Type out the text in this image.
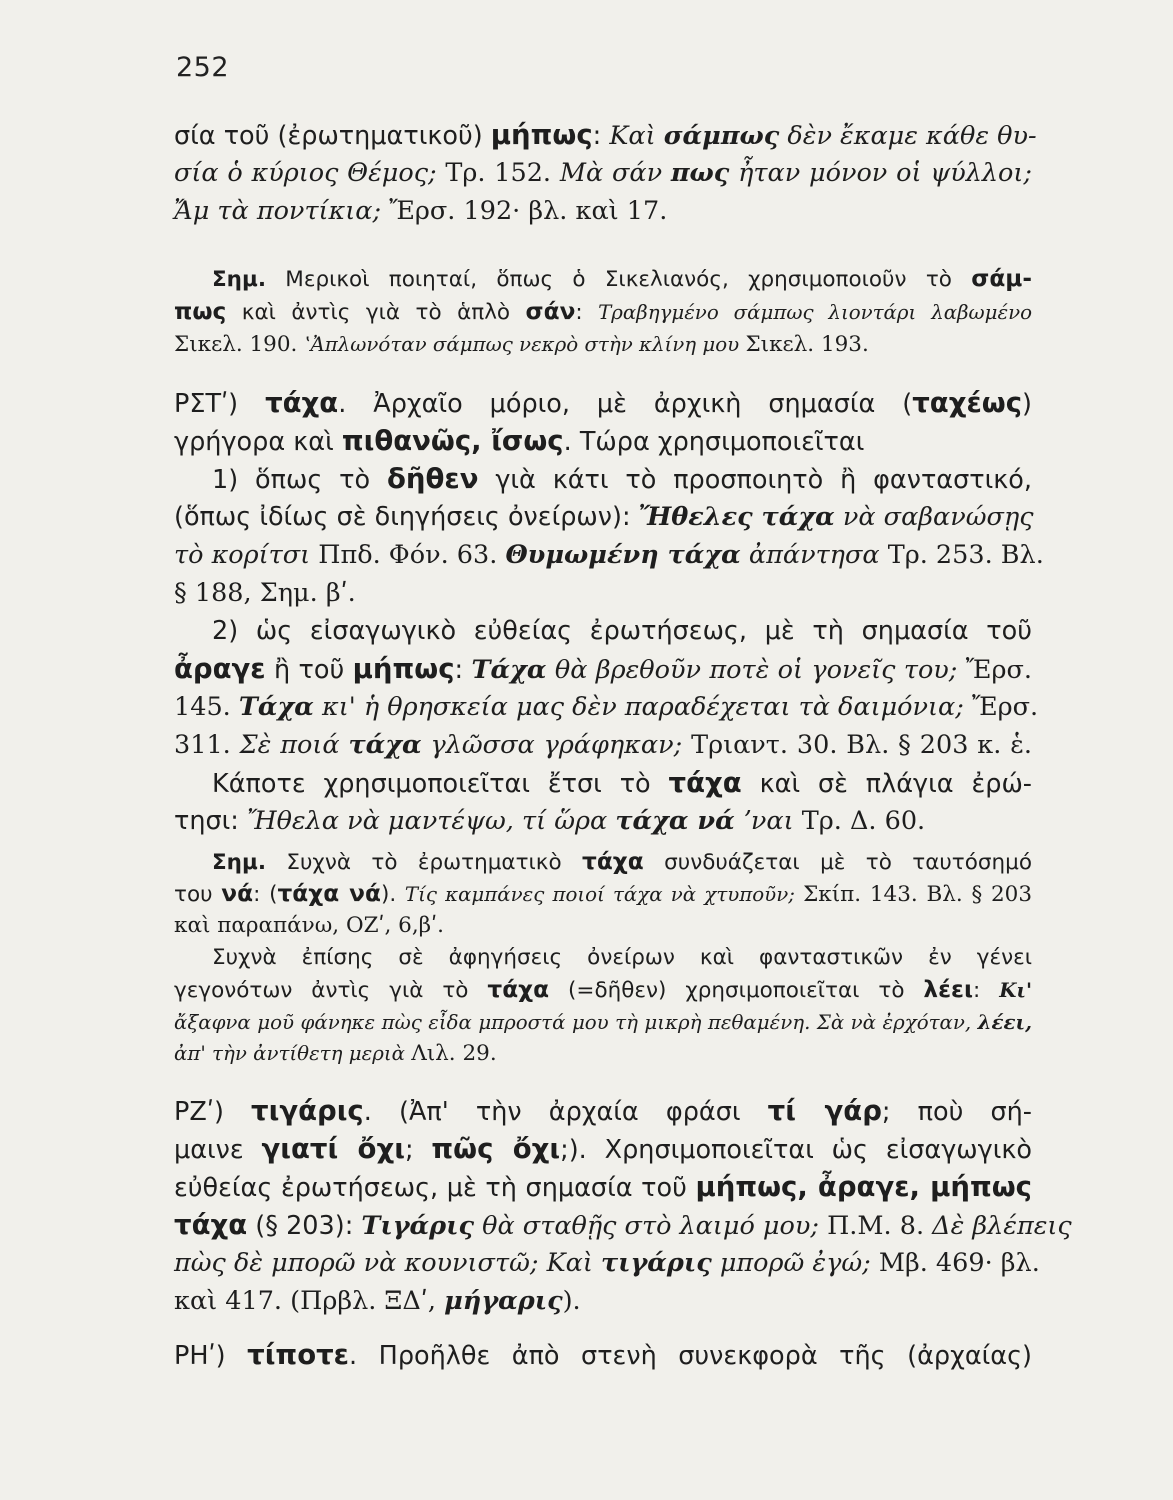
252
σία τοῦ (ἐρωτηματικοῦ) μήπως: Καὶ σάμπως δὲν ἔκαμε κάθε θυ-
σία ὁ κύριος Θέμος; Τρ. 152. Μὰ σάν πως ἦταν μόνον οἱ ψύλλοι;
Ἄμ τὰ ποντίκια; Ἔρσ. 192· βλ. καὶ 17.
Σημ. Μερικοὶ ποιηταί, ὅπως ὁ Σικελιανός, χρησιμοποιοῦν τὸ σάμ-
πως καὶ ἀντὶς γιὰ τὸ ἁπλὸ σάν: Τραβηγμένο σάμπως λιοντάρι λαβωμένο
Σικελ. 190. ʽἈπλωνόταν σάμπως νεκρὸ στὴν κλίνη μου Σικελ. 193.
ΡΣΤʹ) τάχα. Ἀρχαῖο μόριο, μὲ ἀρχικὴ σημασία (ταχέως)
γρήγορα καὶ πιθανῶς, ἴσως. Τώρα χρησιμοποιεῖται
1) ὅπως τὸ δῆθεν γιὰ κάτι τὸ προσποιητὸ ἢ φανταστικό,
(ὅπως ἰδίως σὲ διηγήσεις ὀνείρων): Ἤθελες τάχα νὰ σαβανώσῃς
τὸ κορίτσι Ππδ. Φόν. 63. Θυμωμένη τάχα ἀπάντησα Τρ. 253. Βλ.
§ 188, Σημ. βʹ.
2) ὡς εἰσαγωγικὸ εὐθείας ἐρωτήσεως, μὲ τὴ σημασία τοῦ
ἆραγε ἢ τοῦ μήπως: Τάχα θὰ βρεθοῦν ποτὲ οἱ γονεῖς του; Ἔρσ.
145. Τάχα κι' ἡ θρησκεία μας δὲν παραδέχεται τὰ δαιμόνια; Ἔρσ.
311. Σὲ ποιά τάχα γλῶσσα γράφηκαν; Τριαντ. 30. Βλ. § 203 κ. ἑ.
Κάποτε χρησιμοποιεῖται ἔτσι τὸ τάχα καὶ σὲ πλάγια ἐρώ-
τησι: Ἤθελα νὰ μαντέψω, τί ὥρα τάχα νά ʼναι Τρ. Δ. 60.
Σημ. Συχνὰ τὸ ἐρωτηματικὸ τάχα συνδυάζεται μὲ τὸ ταυτόσημό
του νά: (τάχα νά). Τίς καμπάνες ποιοί τάχα νὰ χτυποῦν; Σκίπ. 143. Βλ. § 203
καὶ παραπάνω, ΟΖʹ, 6,βʹ.
Συχνὰ ἐπίσης σὲ ἀφηγήσεις ὀνείρων καὶ φανταστικῶν ἐν γένει
γεγονότων ἀντὶς γιὰ τὸ τάχα (=δῆθεν) χρησιμοποιεῖται τὸ λέει: Κι'
ἄξαφνα μοῦ φάνηκε πὼς εἶδα μπροστά μου τὴ μικρὴ πεθαμένη. Σὰ νὰ ἐρχόταν, λέει,
ἀπ' τὴν ἀντίθετη μεριὰ Λιλ. 29.
ΡΖʹ) τιγάρις. (Ἀπ' τὴν ἀρχαία φράσι τί γάρ; ποὺ σή-
μαινε γιατί ὄχι; πῶς ὄχι;). Χρησιμοποιεῖται ὡς εἰσαγωγικὸ
εὐθείας ἐρωτήσεως, μὲ τὴ σημασία τοῦ μήπως, ἆραγε, μήπως
τάχα (§ 203): Τιγάρις θὰ σταθῇς στὸ λαιμό μου; Π.Μ. 8. Δὲ βλέπεις
πὼς δὲ μπορῶ νὰ κουνιστῶ; Καὶ τιγάρις μπορῶ ἐγώ; Μβ. 469· βλ.
καὶ 417. (Πρβλ. ΞΔʹ, μήγαρις).
ΡΗʹ) τίποτε. Προῆλθε ἀπὸ στενὴ συνεκφορὰ τῆς (ἀρχαίας)
